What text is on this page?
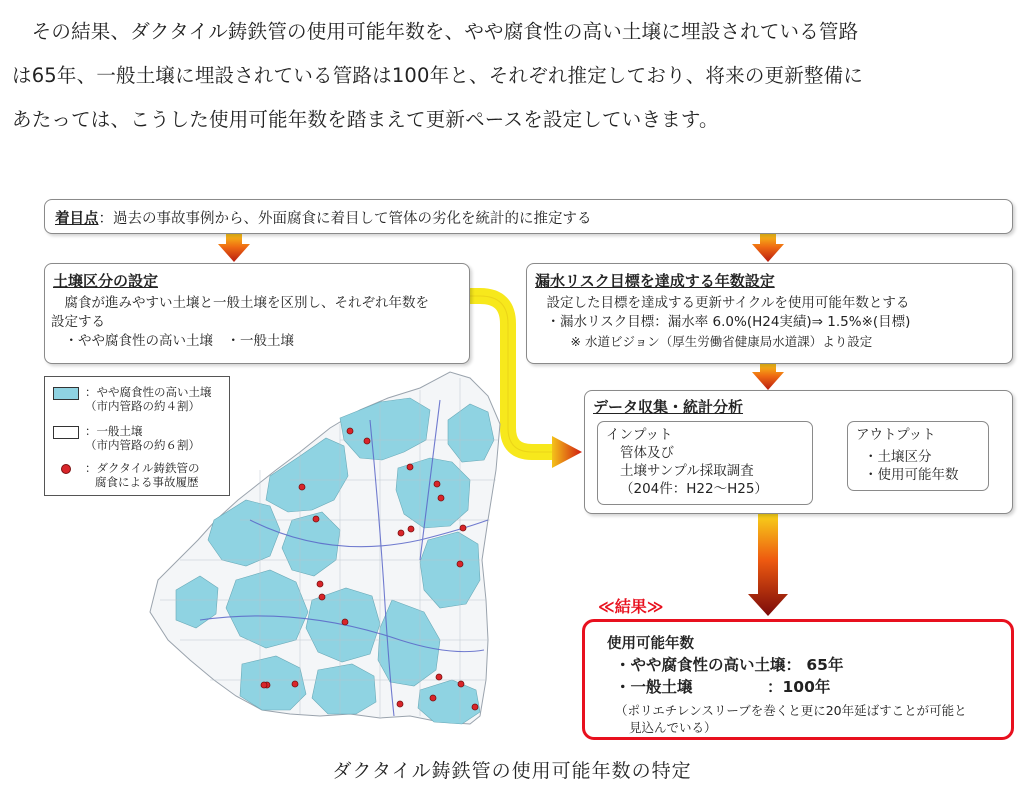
　その結果、ダクタイル鋳鉄管の使用可能年数を、やや腐食性の高い土壌に埋設されている管路

は65年、一般土壌に埋設されている管路は100年と、それぞれ推定しており、将来の更新整備に

あたっては、こうした使用可能年数を踏まえて更新ペースを設定していきます。

着目点：過去の事故事例から、外面腐食に着目して管体の劣化を統計的に推定する
土壌区分の設定
　腐食が進みやすい土壌と一般土壌を区別し、それぞれ年数を
設定する
　・やや腐食性の高い土壌　・一般土壌
漏水リスク目標を達成する年数設定
　設定した目標を達成する更新サイクルを使用可能年数とする
　・漏水リスク目標：漏水率 6.0%(H24実績)⇒ 1.5%※(目標)
　　　※ 水道ビジョン（厚生労働省健康局水道課）より設定
データ収集・統計分析
インプット
管体及び
土壌サンプル採取調査
（204件：H22～H25）
アウトプット
・土壌区分
・使用可能年数
≪結果≫
使用可能年数
・やや腐食性の高い土壌： 65年
・一般土壌	：100年
（ポリエチレンスリーブを巻くと更に20年延ばすことが可能と
見込んでいる）
：やや腐食性の高い土壌
（市内管路の約４割）
：一般土壌
（市内管路の約６割）
：ダクタイル鋳鉄管の
腐食による事故履歴
ダクタイル鋳鉄管の使用可能年数の特定
